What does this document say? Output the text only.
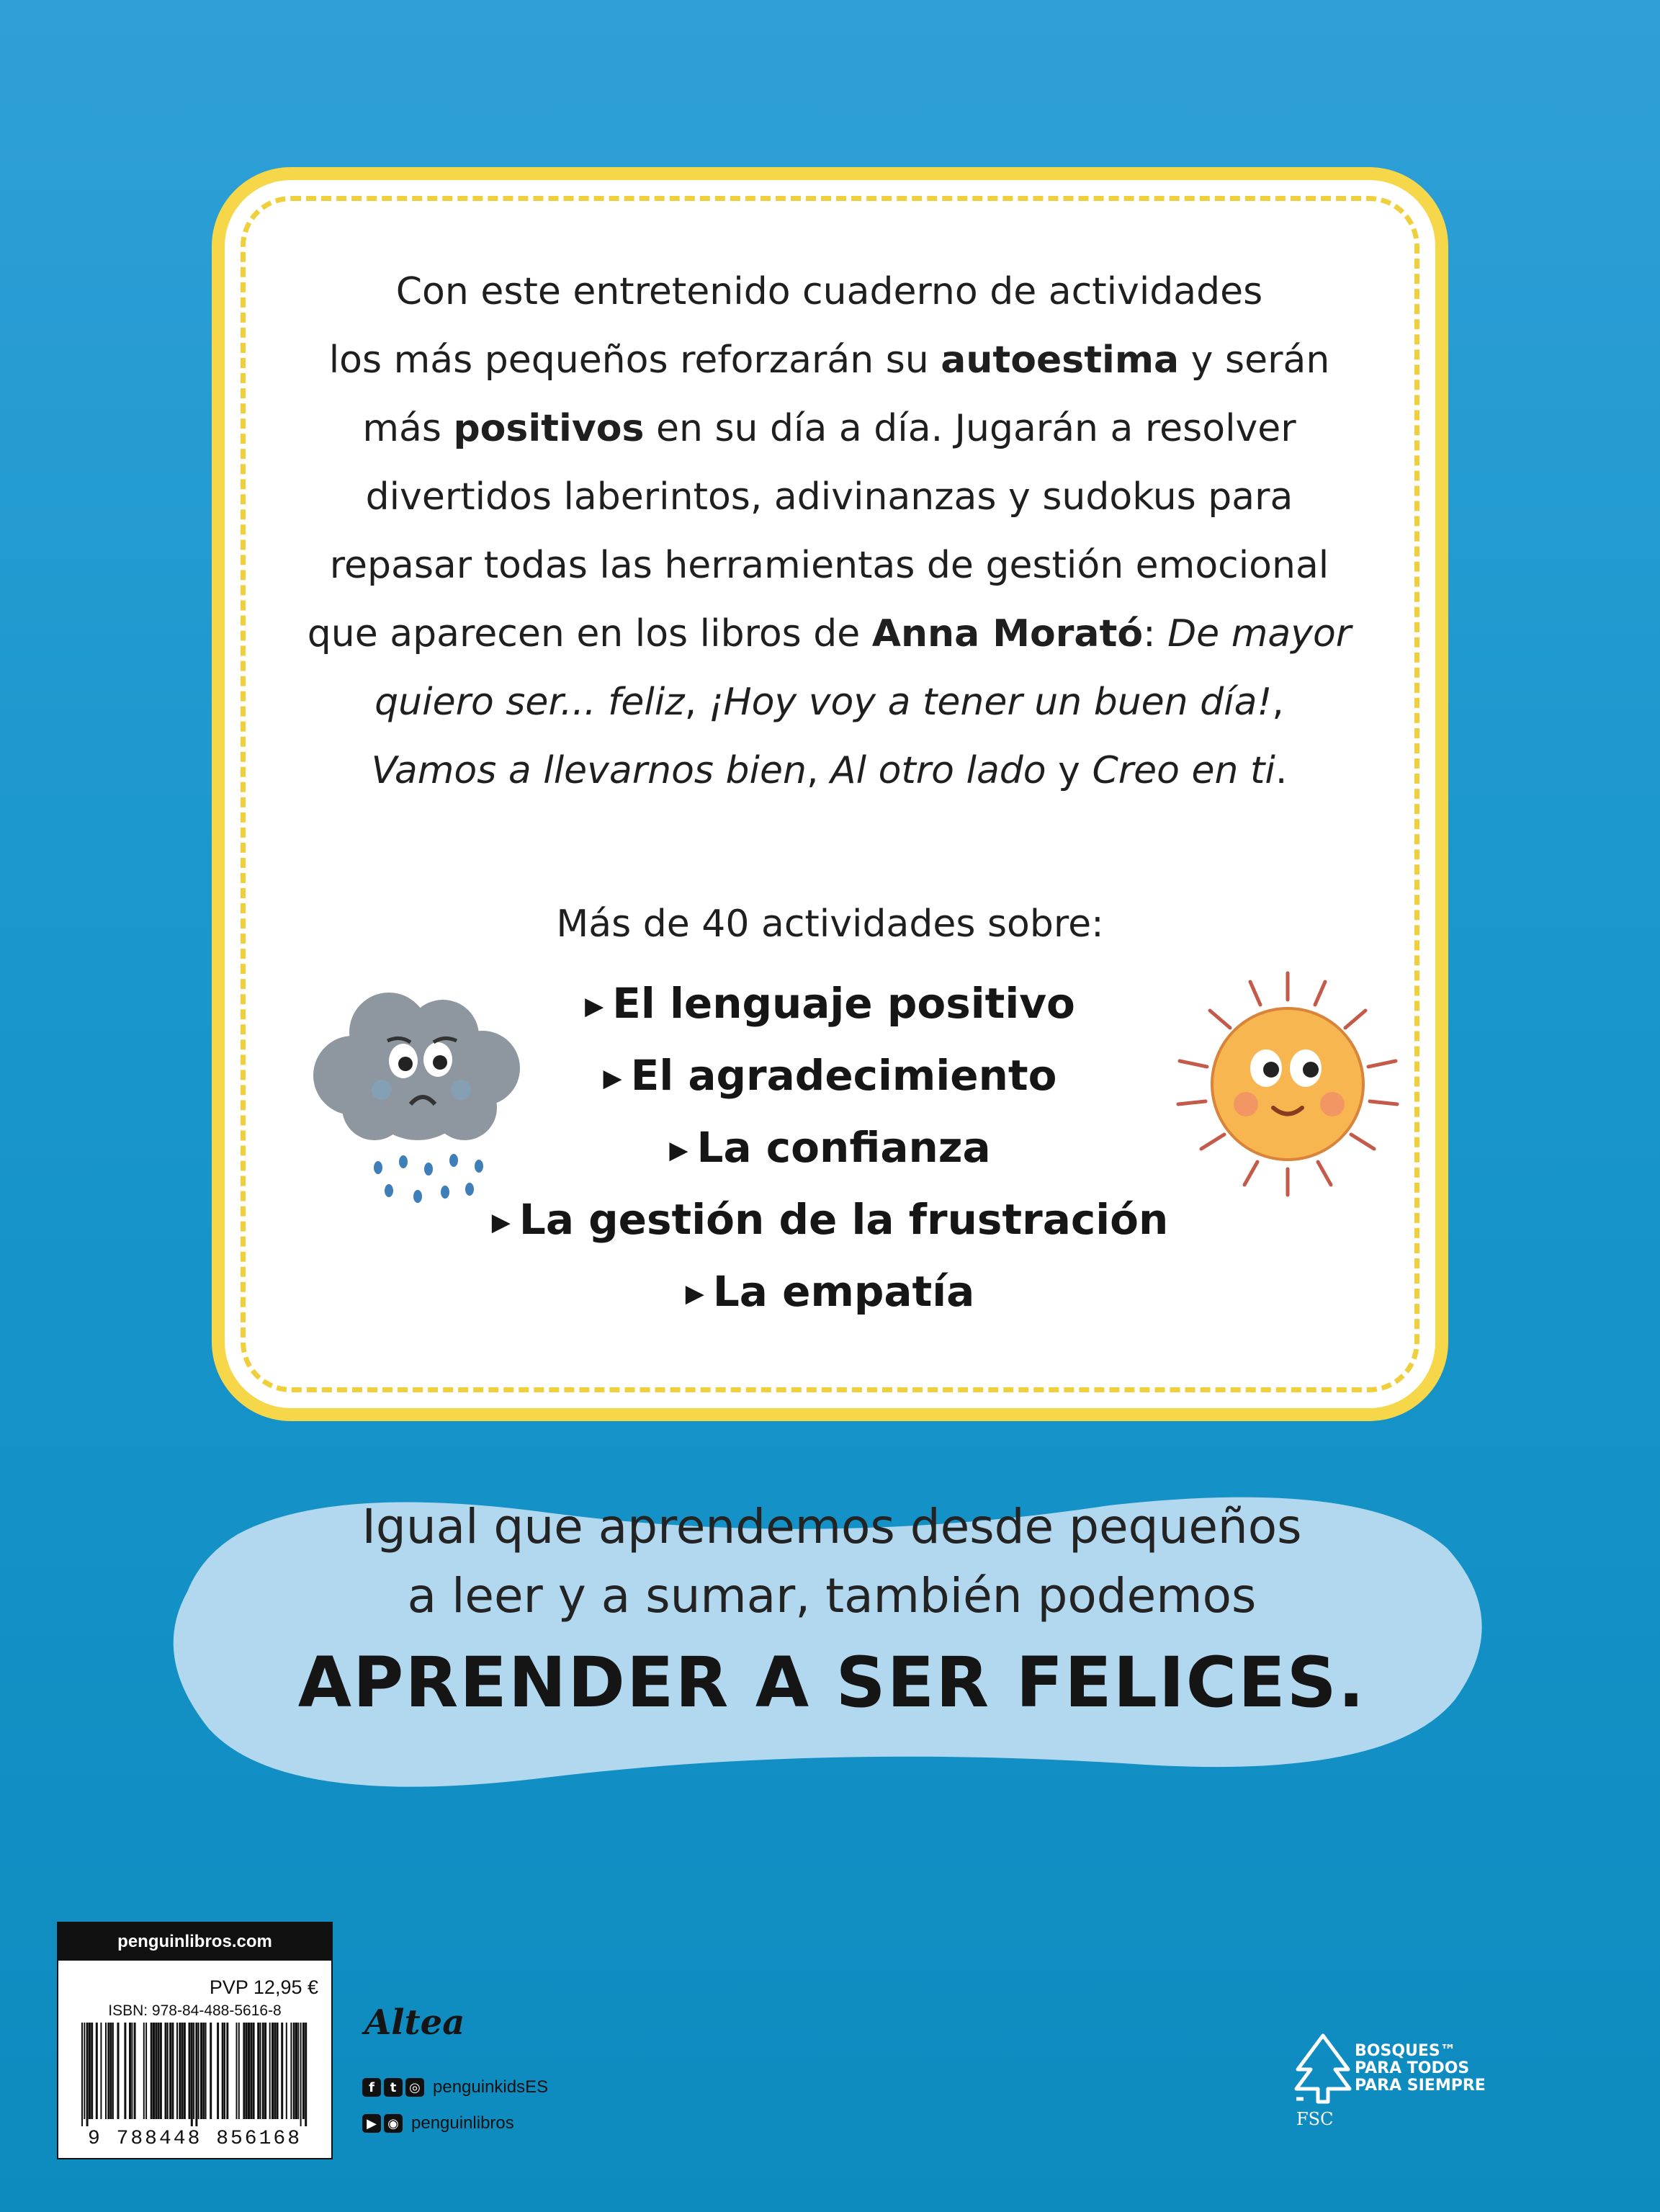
Con este entretenido cuaderno de actividades
los más pequeños reforzarán su autoestima y serán
más positivos en su día a día. Jugarán a resolver
divertidos laberintos, adivinanzas y sudokus para
repasar todas las herramientas de gestión emocional
que aparecen en los libros de Anna Morató: De mayor
quiero ser... feliz, ¡Hoy voy a tener un buen día!,
Vamos a llevarnos bien, Al otro lado y Creo en ti.

Más de 40 actividades sobre:

▶ El lenguaje positivo
▶ El agradecimiento
▶ La confianza
▶ La gestión de la frustración
▶ La empatía
Igual que aprendemos desde pequeños
a leer y a sumar, también podemos
APRENDER A SER FELICES.
penguinlibros.com

PVP 12,95 €

ISBN: 978-84-488-5616-8

9 788448 856168

Altea

f	t ◎ penguinkidsES
▶ ◉ penguinlibros
BOSQUES™
PARA TODOS
PARA SIEMPRE

FSC
